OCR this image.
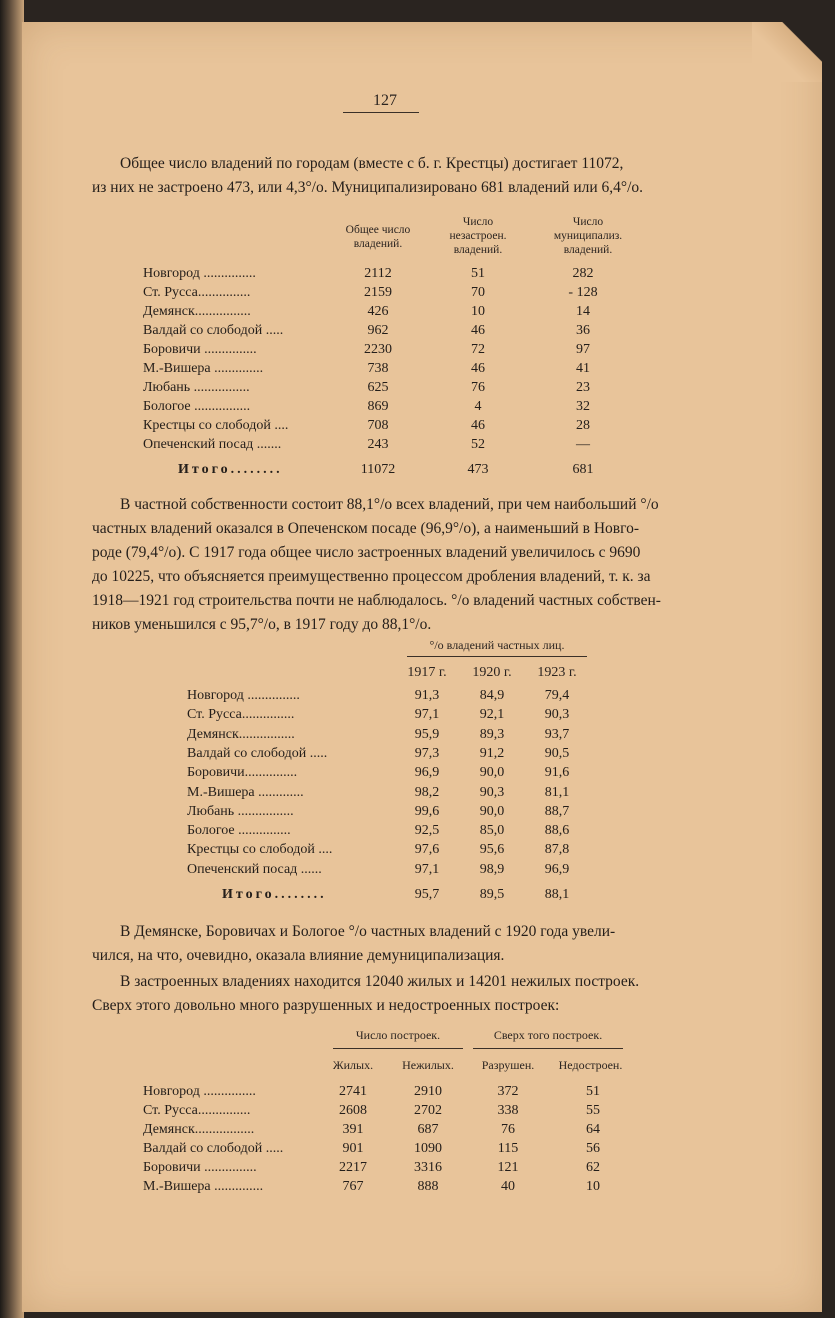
127
Общее число владений по городам (вместе с б. г. Крестцы) достигает 11072,
из них не застроено 473, или 4,3°/о. Муниципализировано 681 владений или 6,4°/о.
Общее число владений.
Число незастроен. владений.
Число муниципализ. владений.
Новгород ...............	2112	51	282
Ст. Русса...............	2159	70	- 128
Демянск................	426	10	14
Валдай со слободой .....	962	46	36
Боровичи ...............	2230	72	97
М.-Вишера ..............	738	46	41
Любань ................	625	76	23
Бологое ................	869	4	32
Крестцы со слободой ....	708	46	28
Опеченский посад .......	243	52	—
Итого........	11072	473	681
В частной собственности состоит 88,1°/о всех владений, при чем наибольший °/о
частных владений оказался в Опеченском посаде (96,9°/о), а наименьший в Новго-
роде (79,4°/о). С 1917 года общее число застроенных владений увеличилось с 9690
до 10225, что объясняется преимущественно процессом дробления владений, т. к. за
1918—1921 год строительства почти не наблюдалось. °/о владений частных собствен-
ников уменьшился с 95,7°/о, в 1917 году до 88,1°/о.
°/о владений частных лиц.
1917 г.	1920 г.	1923 г.
Новгород ...............	91,3	84,9	79,4
Ст. Русса...............	97,1	92,1	90,3
Демянск................	95,9	89,3	93,7
Валдай со слободой .....	97,3	91,2	90,5
Боровичи...............	96,9	90,0	91,6
М.-Вишера .............	98,2	90,3	81,1
Любань ................	99,6	90,0	88,7
Бологое ...............	92,5	85,0	88,6
Крестцы со слободой ....	97,6	95,6	87,8
Опеченский посад ......	97,1	98,9	96,9
Итого........	95,7	89,5	88,1
В Демянске, Боровичах и Бологое °/о частных владений с 1920 года увели-
чился, на что, очевидно, оказала влияние демуниципализация.
В застроенных владениях находится 12040 жилых и 14201 нежилых построек.
Сверх этого довольно много разрушенных и недостроенных построек:
Число построек.	Сверх того построек.
Жилых.	Нежилых.	Разрушен.	Недострoен.
Новгород ...............	2741	2910	372	51
Ст. Русса...............	2608	2702	338	55
Демянск.................	391	687	76	64
Валдай со слободой .....	901	1090	115	56
Боровичи ...............	2217	3316	121	62
М.-Вишера ..............	767	888	40	10
